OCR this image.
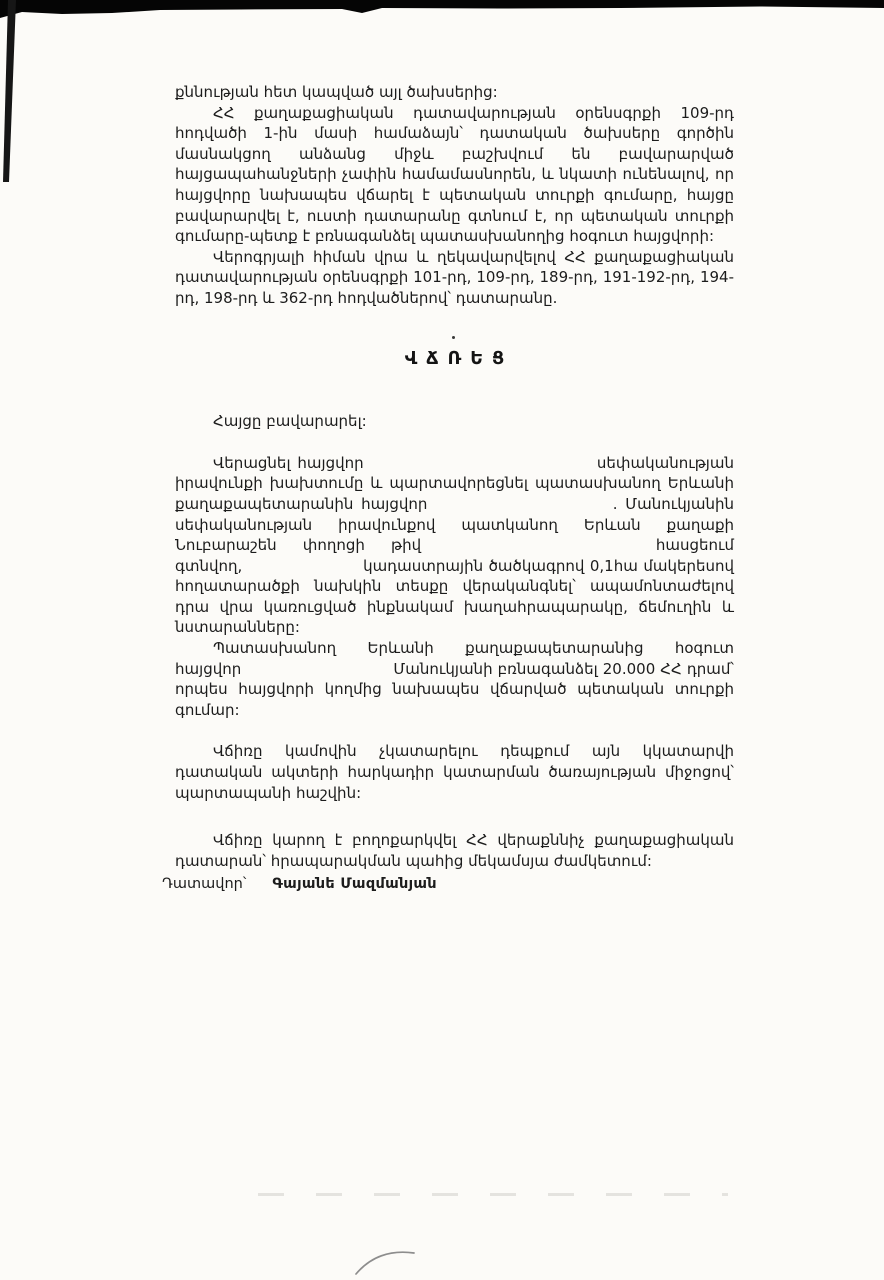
քննության հետ կապված այլ ծախսերից:

ՀՀ քաղաքացիական դատավարության օրենսգրքի 109-րդ հոդվածի 1-ին մասի համաձայն՝ դատական ծախսերը գործին մասնակցող անձանց միջև բաշխվում են բավարարված հայցապահանջների չափին համամասնորեն, և նկատի ունենալով, որ հայցվորը նախապես վճարել է պետական տուրքի գումարը, հայցը բավարարվել է, ուստի դատարանը գտնում է, որ պետական տուրքի գումարը-պետք է բռնագանձել պատասխանողից հօգուտ հայցվորի:

Վերոգրյալի հիման վրա և ղեկավարվելով ՀՀ քաղաքացիական դատավարության օրենսգրքի 101-րդ, 109-րդ, 189-րդ, 191-192-րդ, 194-րդ, 198-րդ և 362-րդ հոդվածներով՝ դատարանը.

ՎՃՌԵՑ

Հայցը բավարարել:

Վերացնել հայցվոր                                  սեփականության իրավունքի խախտումը և պարտավորեցնել պատասխանող Երևանի քաղաքապետարանին հայցվոր                        . Մանուկյանին սեփականության իրավունքով պատկանող Երևան քաղաքի Նուբարաշեն փողոցի թիվ         հասցեում գտնվող,                      կադաստրային ծածկագրով 0,1հա մակերեսով հողատարածքի նախկին տեսքը վերականգնել՝ ապամոնտաժելով դրա վրա կառուցված ինքնակամ խաղահրապարակը, ճեմուղին և նստարանները:

Պատասխանող Երևանի քաղաքապետարանից հօգուտ հայցվոր                              Մանուկյանի բռնագանձել 20.000 ՀՀ դրամ՝ որպես հայցվորի կողմից նախապես վճարված պետական տուրքի գումար:

Վճիռը կամովին չկատարելու դեպքում այն կկատարվի դատական ակտերի հարկադիր կատարման ծառայության միջոցով՝ պարտապանի հաշվին:

Վճիռը կարող է բողոքարկվել ՀՀ վերաքննիչ քաղաքացիական դատարան՝ հրապարակման պահից մեկամսյա ժամկետում:

Դատավոր՝ Գայանե Մազմանյան
